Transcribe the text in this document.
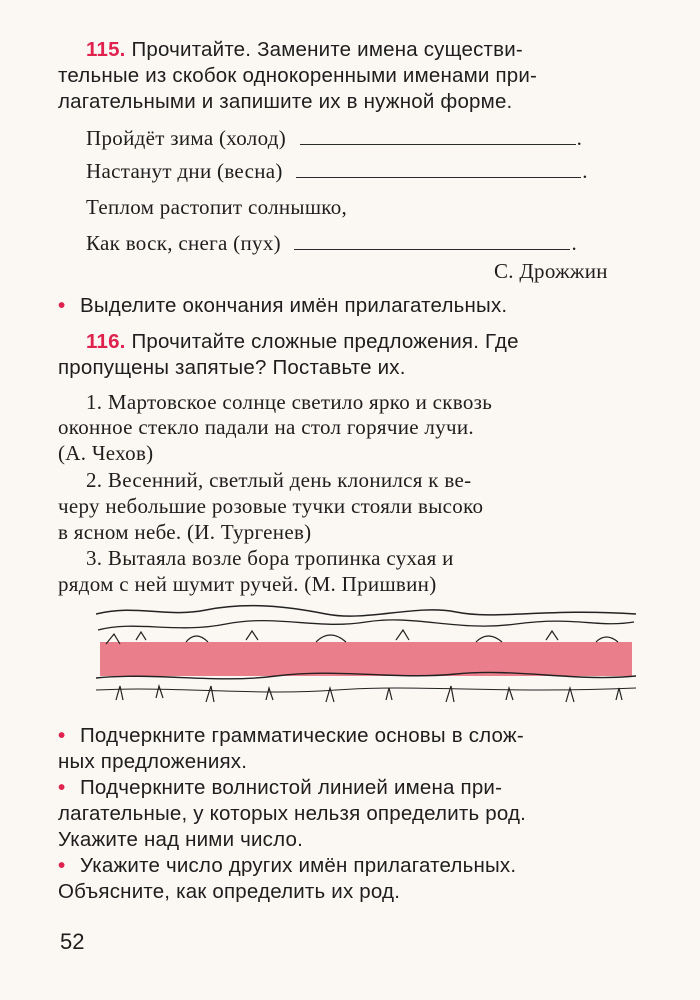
115. Прочитайте. Замените имена существи-
тельные из скобок однокоренными именами при-
лагательными и запишите их в нужной форме.
Пройдёт зима (холод)	.
Настанут дни (весна)	.
Теплом растопит солнышко,
Как воск, снега (пух)	.
С. Дрожжин
• Выделите окончания имён прилагательных.
116. Прочитайте сложные предложения. Где
пропущены запятые? Поставьте их.
1. Мартовское солнце светило ярко и сквозь
оконное стекло падали на стол горячие лучи.
(А. Чехов)
2. Весенний, светлый день клонился к ве-
черу небольшие розовые тучки стояли высоко
в ясном небе. (И. Тургенев)
3. Вытаяла возле бора тропинка сухая и
рядом с ней шумит ручей. (М. Пришвин)
• Подчеркните грамматические основы в слож-
ных предложениях.
• Подчеркните волнистой линией имена при-
лагательные, у которых нельзя определить род.
Укажите над ними число.
• Укажите число других имён прилагательных.
Объясните, как определить их род.
52
